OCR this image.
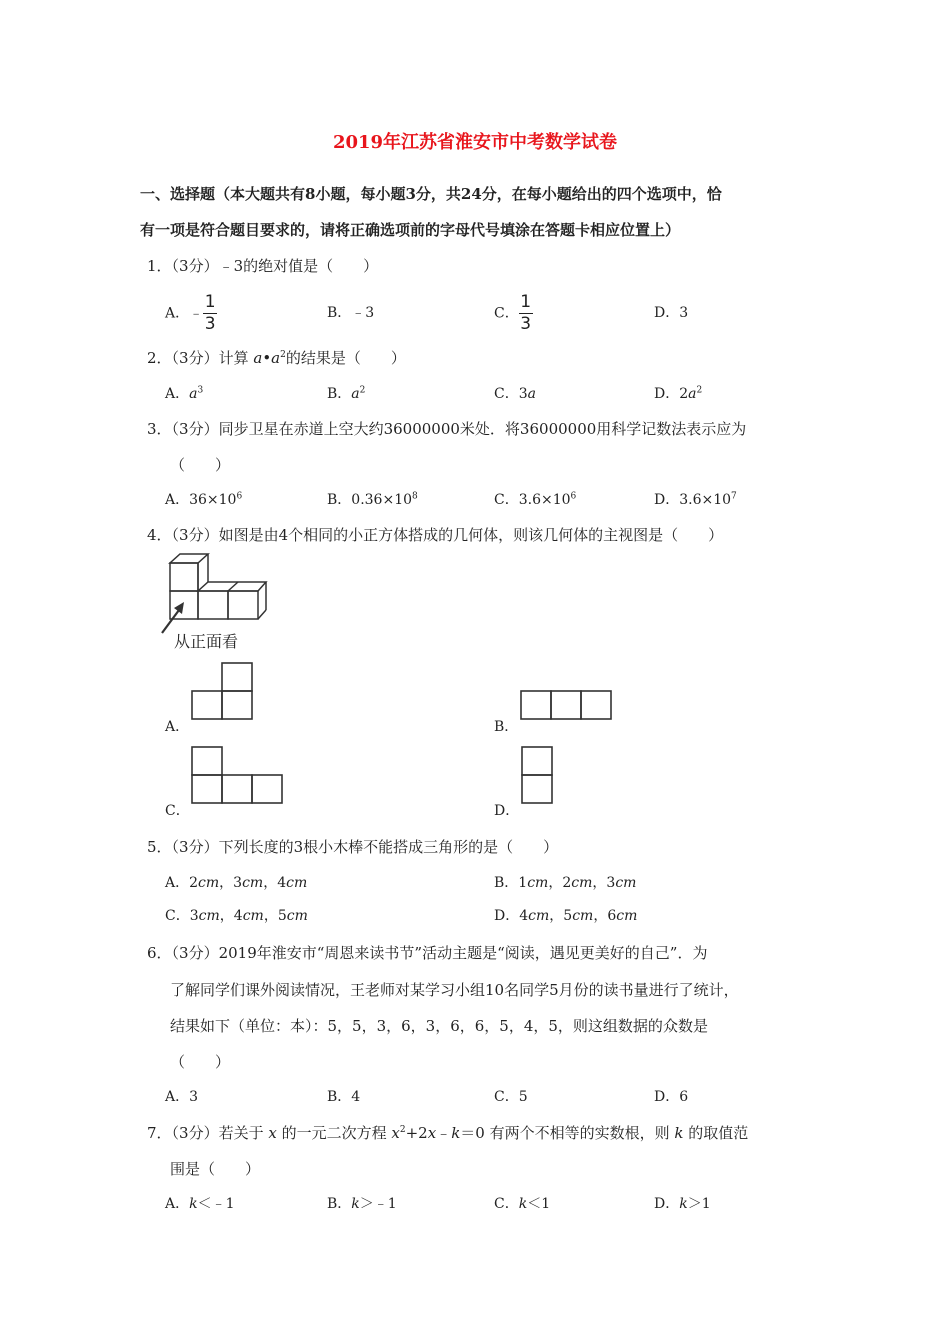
2019年江苏省淮安市中考数学试卷
一、选择题（本大题共有8小题，每小题3分，共24分，在每小题给出的四个选项中，恰
有一项是符合题目要求的，请将正确选项前的字母代号填涂在答题卡相应位置上）
1．（3分）﹣3的绝对值是（　　）
A．﹣ $\frac{1}{3}$	B．﹣3	C． $\frac{1}{3}$	D．3
2．（3分）计算 $a•a^2$的结果是（　　）
A．$a^3$	B．$a^2$	C．3a	D．$2a^2$
3．（3分）同步卫星在赤道上空大约36000000米处．将36000000用科学记数法表示应为
（　　）
A．$36\times 10^6$	B．$0.36\times 10^8$	C．$3.6\times 10^6$	D．$3.6\times 10^7$
4．（3分）如图是由4个相同的小正方体搭成的几何体，则该几何体的主视图是（　　）
从正面看
A．	B．
C．	D．
5．（3分）下列长度的3根小木棒不能搭成三角形的是（　　）
A．2cm，3cm，4cm	B．1cm，2cm，3cm
C．3cm，4cm，5cm	D．4cm，5cm，6cm
6．（3分）2019年淮安市“周恩来读书节”活动主题是“阅读，遇见更美好的自己”．为
了解同学们课外阅读情况，王老师对某学习小组10名同学5月份的读书量进行了统计，
结果如下（单位：本）：5，5，3，6，3，6，6，5，4，5，则这组数据的众数是
（　　）
A．3	B．4	C．5	D．6
7．（3分）若关于 x 的一元二次方程 $x^2+2x﹣k=0$ 有两个不相等的实数根，则 k 的取值范
围是（　　）
A．k＜﹣1	B．k＞﹣1	C．k＜1	D．k＞1
